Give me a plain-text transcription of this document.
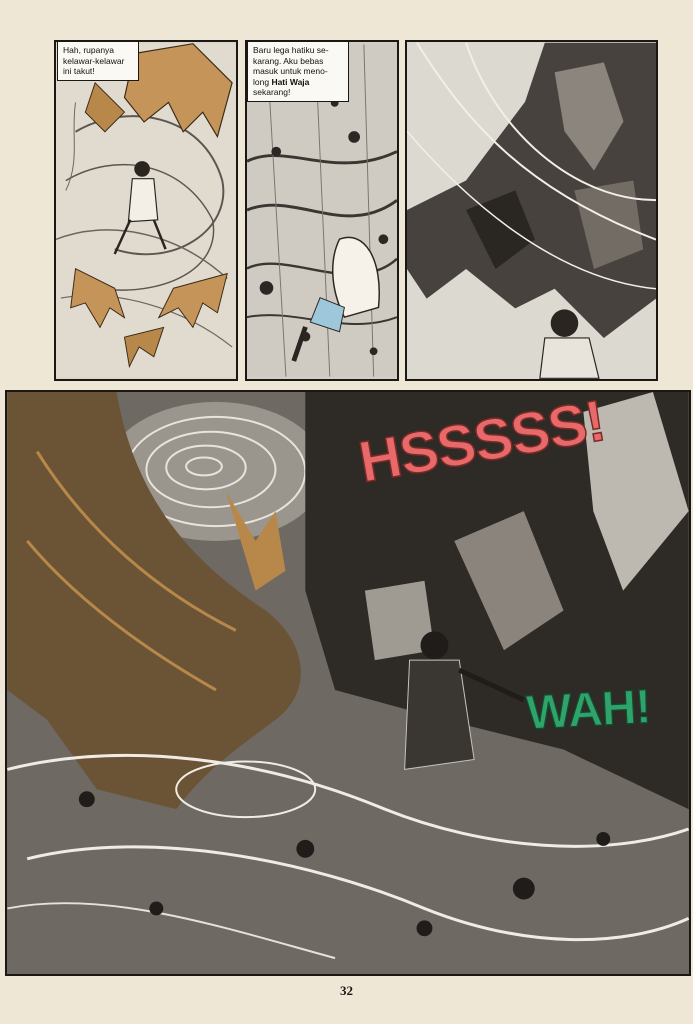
Hah, rupanya
kelawar-kelawar
ini takut!
Baru lega hatiku se-
karang. Aku bebas
masuk untuk meno-
long Hati Waja
sekarang!
HSSSSS!
WAH!
32
